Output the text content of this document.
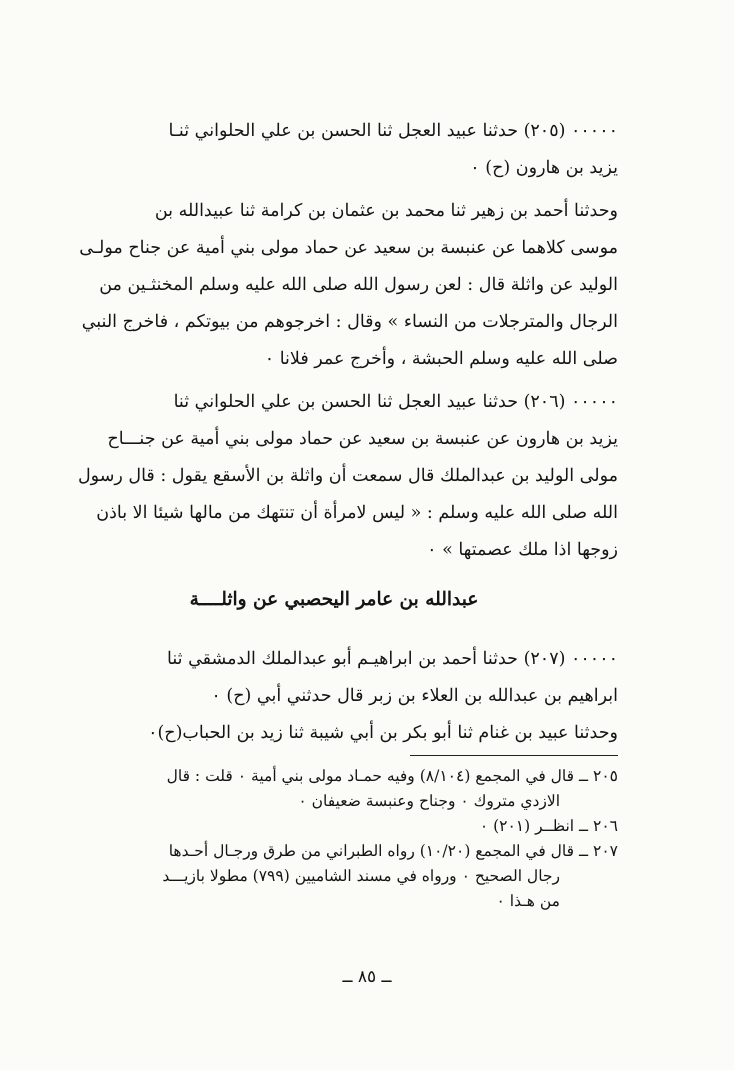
٠٠٠٠٠ (٢٠٥) حدثنا عبيد العجل ثنا الحسن بن علي الحلواني ثنـا
يزيد بن هارون (ح) ٠
وحدثنا أحمد بن زهير ثنا محمد بن عثمان بن كرامة ثنا عبيدالله بن
موسى كلاهما عن عنبسة بن سعيد عن حماد مولى بني أمية عن جناح مولـى
الوليد عن واثلة قال : لعن رسول الله صلى الله عليه وسلم المخنثـين من
الرجال والمترجلات من النساء » وقال : اخرجوهم من بيوتكم ، فاخرج النبي
صلى الله عليه وسلم الحبشة ، وأخرج عمر فلانا ٠
٠٠٠٠٠ (٢٠٦) حدثنا عبيد العجل ثنا الحسن بن علي الحلواني ثنا
يزيد بن هارون عن عنبسة بن سعيد عن حماد مولى بني أمية عن جنـــاح
مولى الوليد بن عبدالملك قال سمعت أن واثلة بن الأسقع يقول : قال رسول
الله صلى الله عليه وسلم : « ليس لامرأة أن تنتهك من مالها شيئا الا باذن
زوجها اذا ملك عصمتها » ٠
عبدالله بن عامر اليحصبي عن واثلــــة
٠٠٠٠٠ (٢٠٧) حدثنا أحمد بن ابراهيـم أبو عبدالملك الدمشقي ثنا
ابراهيم بن عبدالله بن العلاء بن زبر قال حدثني أبي (ح) ٠
وحدثنا عبيد بن غنام ثنا أبو بكر بن أبي شيبة ثنا زيد بن الحباب(ح)٠
٢٠٥ ــ قال في المجمع (٨/١٠٤) وفيه حمـاد مولى بني أمية ٠ قلت : قال
الازدي متروك ٠ وجناح وعنبسة ضعيفان ٠
٢٠٦ ــ انظــر (٢٠١) ٠
٢٠٧ ــ قال في المجمع (١٠/٢٠) رواه الطبراني من طرق ورجـال أحـدها
رجال الصحيح ٠ ورواه في مسند الشاميين (٧٩٩) مطولا بازيـــد
من هـذا ٠
ــ ٨٥ ــ
